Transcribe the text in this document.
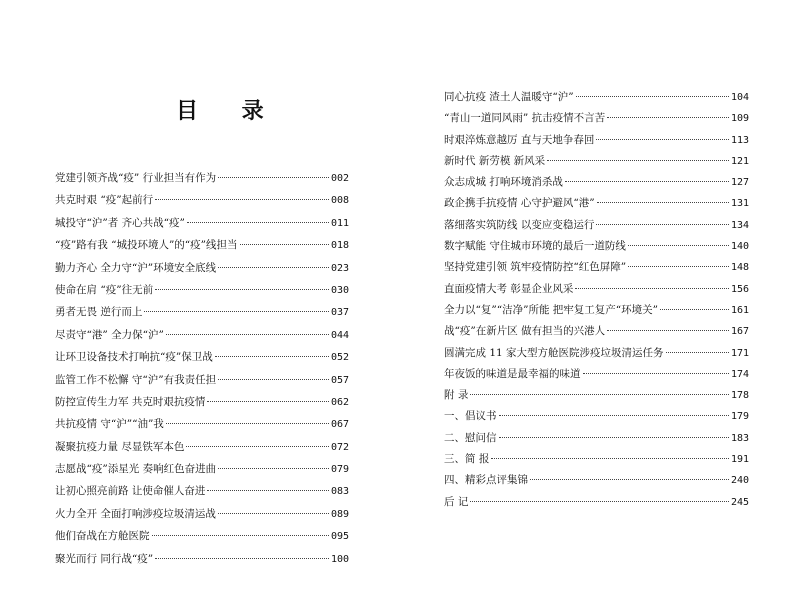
目 录
党建引领齐战“疫” 行业担当有作为	002
共克时艰 “疫”起前行	008
城投守“沪”者 齐心共战“疫”	011
“疫”路有我 “城投环境人”的“疫”线担当	018
勤力齐心 全力守“沪”环境安全底线	023
使命在肩 “疫”往无前	030
勇者无畏 逆行而上	037
尽责守“港” 全力保“沪”	044
让环卫设备技术打响抗“疫”保卫战	052
监管工作不松懈 守“沪”有我责任担	057
防控宣传生力军 共克时艰抗疫情	062
共抗疫情 守“沪”“油”我	067
凝聚抗疫力量 尽显铁军本色	072
志愿战“疫”添星光 奏响红色奋进曲	079
让初心照亮前路 让使命催人奋进	083
火力全开 全面打响涉疫垃圾清运战	089
他们奋战在方舱医院	095
聚光而行 同行战“疫”	100
同心抗疫 渣土人温暖守“沪”	104
“青山一道同风雨” 抗击疫情不言苦	109
时艰淬炼意越厉 直与天地争春回	113
新时代 新劳模 新风采	121
众志成城 打响环境消杀战	127
政企携手抗疫情 心守护避风“港”	131
落细落实筑防线 以变应变稳运行	134
数字赋能 守住城市环境的最后一道防线	140
坚持党建引领 筑牢疫情防控“红色屏障”	148
直面疫情大考 彰显企业风采	156
全力以“复”“洁净”所能 把牢复工复产“环境关”	161
战“疫”在新片区 做有担当的兴港人	167
圆满完成 11 家大型方舱医院涉疫垃圾清运任务	171
年夜饭的味道是最幸福的味道	174
附 录	178
一、倡议书	179
二、慰问信	183
三、简 报	191
四、精彩点评集锦	240
后 记	245
